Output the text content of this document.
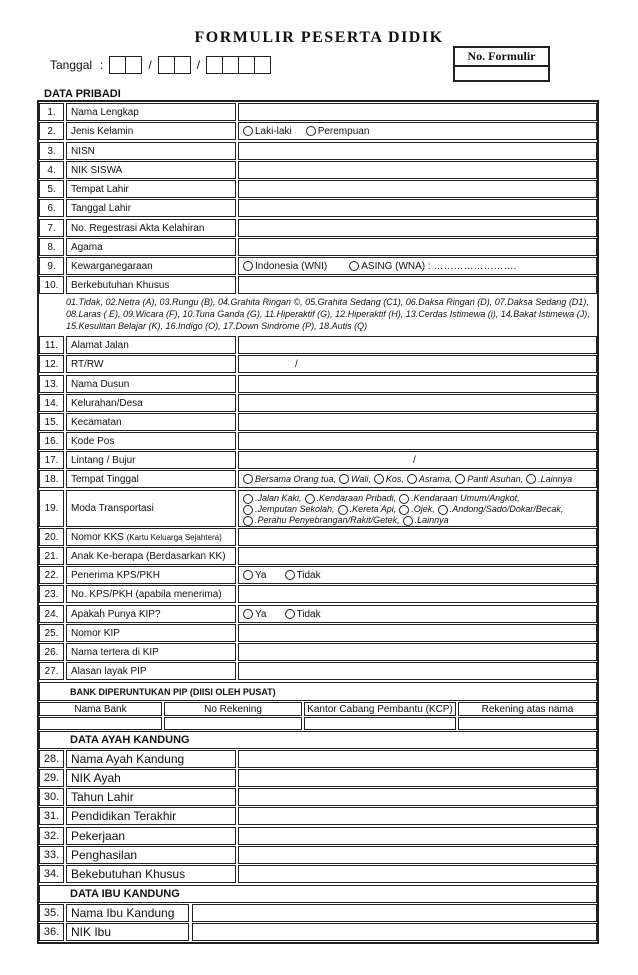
FORMULIR PESERTA DIDIK
Tanggal :	/	/
No. Formulir
DATA PRIBADI
1.	Nama Lengkap
2.	Jenis Kelamin	Laki-laki	Perempuan
3.	NISN
4.	NIK SISWA
5.	Tempat Lahir
6.	Tanggal Lahir
7.	No. Regestrasi Akta Kelahiran
8.	Agama
9.	Kewarganegaraan	Indonesia (WNI)	ASING (WNA) : …………………….
10.	Berkebutuhan Khusus
01.Tidak, 02.Netra (A), 03.Rungu (B), 04.Grahita Ringan ©, 05.Grahita Sedang (C1), 06.Daksa Ringan (D), 07.Daksa Sedang (D1), 08.Laras ( E), 09.Wicara (F), 10.Tuna Ganda (G), 11.Hiperaktif (G), 12.Hiperaktif (H), 13.Cerdas Istimewa (i), 14.Bakat Istimewa (J), 15.Kesulitan Belajar (K), 16.Indigo (O), 17.Down Sindrome (P), 18.Autis (Q)
11.	Alamat Jalan
12.	RT/RW	/
13.	Nama Dusun
14.	Kelurahan/Desa
15.	Kecamatan
16.	Kode Pos
17.	Lintang / Bujur	/
18.	Tempat Tinggal	Bersama Orang tua, Wali, Kos, Asrama, Panti Asuhan, .Lainnya
19.	Moda Transportasi
.Jalan Kaki, .Kendaraan Pribadi, .Kendaraan Umum/Angkot,
.Jemputan Sekolah, .Kereta Api, .Ojek, .Andong/Sado/Dokar/Becak,
.Perahu Penyebrangan/Rakit/Getek, .Lainnya
20.	Nomor KKS
(Kartu Keluarga Sejahtera)
21.	Anak Ke-berapa (Berdasarkan KK)
22.	Penerima KPS/PKH	Ya	Tidak
23.	No. KPS/PKH (apabila menerima)
24.	Apakah Punya KIP?	Ya	Tidak
25.	Nomor KIP
26.	Nama tertera di KIP
27.	Alasan layak PIP
BANK DIPERUNTUKAN PIP (DIISI OLEH PUSAT)
Nama Bank	No Rekening	Kantor Cabang Pembantu (KCP)	Rekening atas nama
DATA AYAH KANDUNG
28. Nama Ayah Kandung
29. NIK Ayah
30. Tahun Lahir
31. Pendidikan Terakhir
32. Pekerjaan
33. Penghasilan
34. Bekebutuhan Khusus
DATA IBU KANDUNG
35. Nama Ibu Kandung
36. NIK Ibu
